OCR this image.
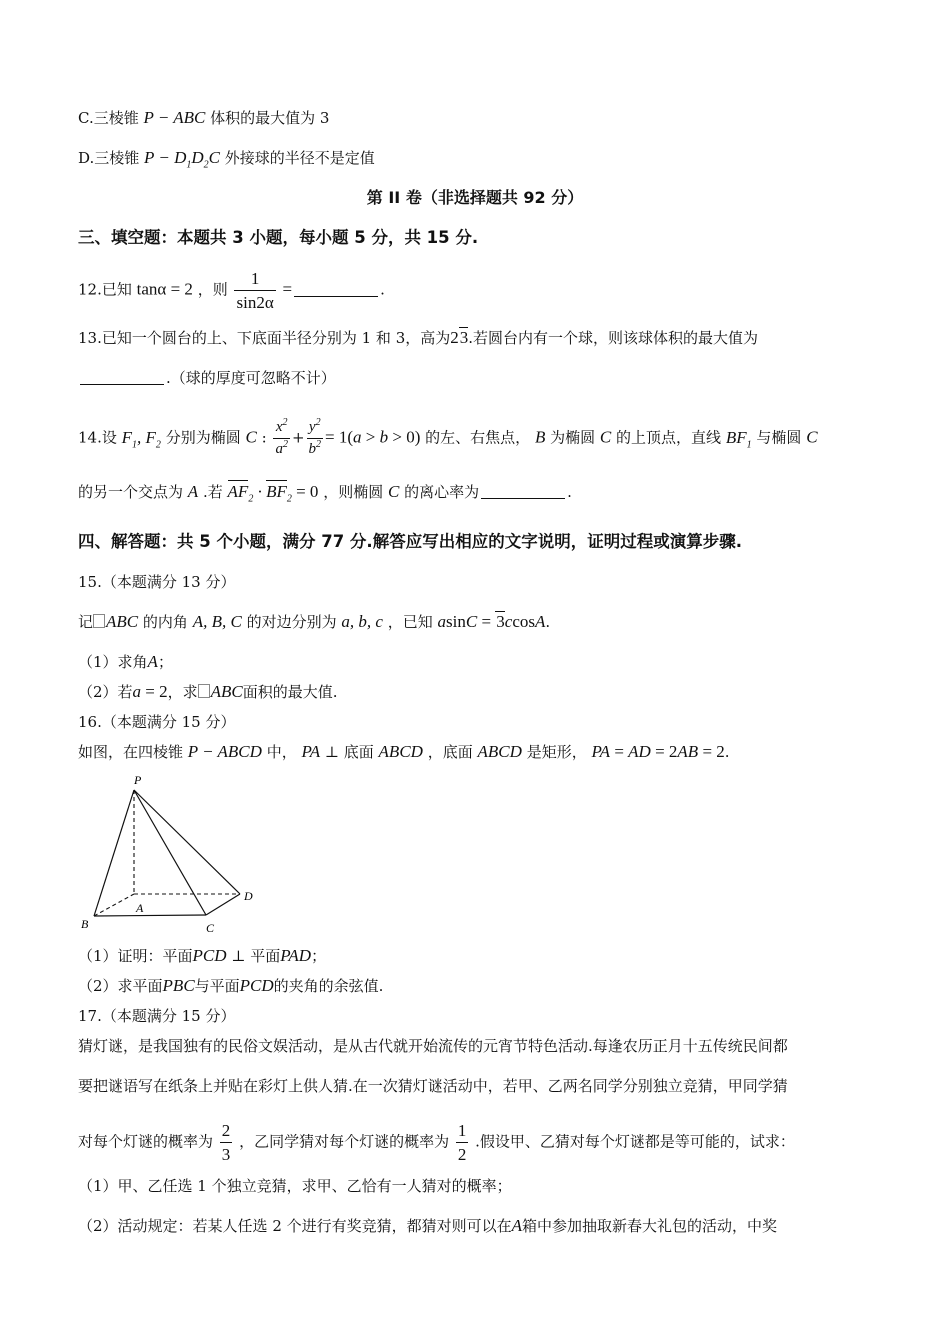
C.三棱锥 P − ABC 体积的最大值为 3
D.三棱锥 $P - D_1D_2C$ 外接球的半径不是定值
第 II 卷（非选择题共 92 分）
三、填空题：本题共 3 小题，每小题 5 分，共 15 分.
12.已知 tanα = 2 ，则 $\frac{1}{\sin 2\alpha}$ =	.
13.已知一个圆台的上、下底面半径分别为 1 和 3，高为23.若圆台内有一个球，则该球体积的最大值为
.（球的厚度可忽略不计）
14.设 $F_1$, $F_2$ 分别为椭圆 C : $\frac{x^2}{a^2} + \frac{y^2}{b^2} = 1(a > b > 0)$ 的左、右焦点， B 为椭圆 C 的上顶点，直线 $BF_1$ 与椭圆 C
的另一个交点为 A .若 $AF_2 \cdot BF_2 = 0$ ，则椭圆 C 的离心率为	.
四、解答题：共 5 个小题，满分 77 分.解答应写出相应的文字说明，证明过程或演算步骤.
15.（本题满分 13 分）
记 ABC 的内角 A, B, C 的对边分别为 a, b, c ，已知 asinC = 3ccosA.
（1）求角A；
（2）若a = 2，求 ABC面积的最大值.
16.（本题满分 15 分）
如图，在四棱锥 P − ABCD 中， PA ⊥ 底面 ABCD ，底面 ABCD 是矩形， PA = AD = 2AB = 2.
P
A
B	C
D
（1）证明：平面PCD ⊥ 平面PAD；
（2）求平面PBC与平面PCD的夹角的余弦值.
17.（本题满分 15 分）
猜灯谜，是我国独有的民俗文娱活动，是从古代就开始流传的元宵节特色活动.每逢农历正月十五传统民间都
要把谜语写在纸条上并贴在彩灯上供人猜.在一次猜灯谜活动中，若甲、乙两名同学分别独立竞猜，甲同学猜
对每个灯谜的概率为 $\frac{2}{3}$ ，乙同学猜对每个灯谜的概率为 $\frac{1}{2}$ .假设甲、乙猜对每个灯谜都是等可能的，试求：
（1）甲、乙任选 1 个独立竞猜，求甲、乙恰有一人猜对的概率；
（2）活动规定：若某人任选 2 个进行有奖竞猜，都猜对则可以在A箱中参加抽取新春大礼包的活动，中奖
